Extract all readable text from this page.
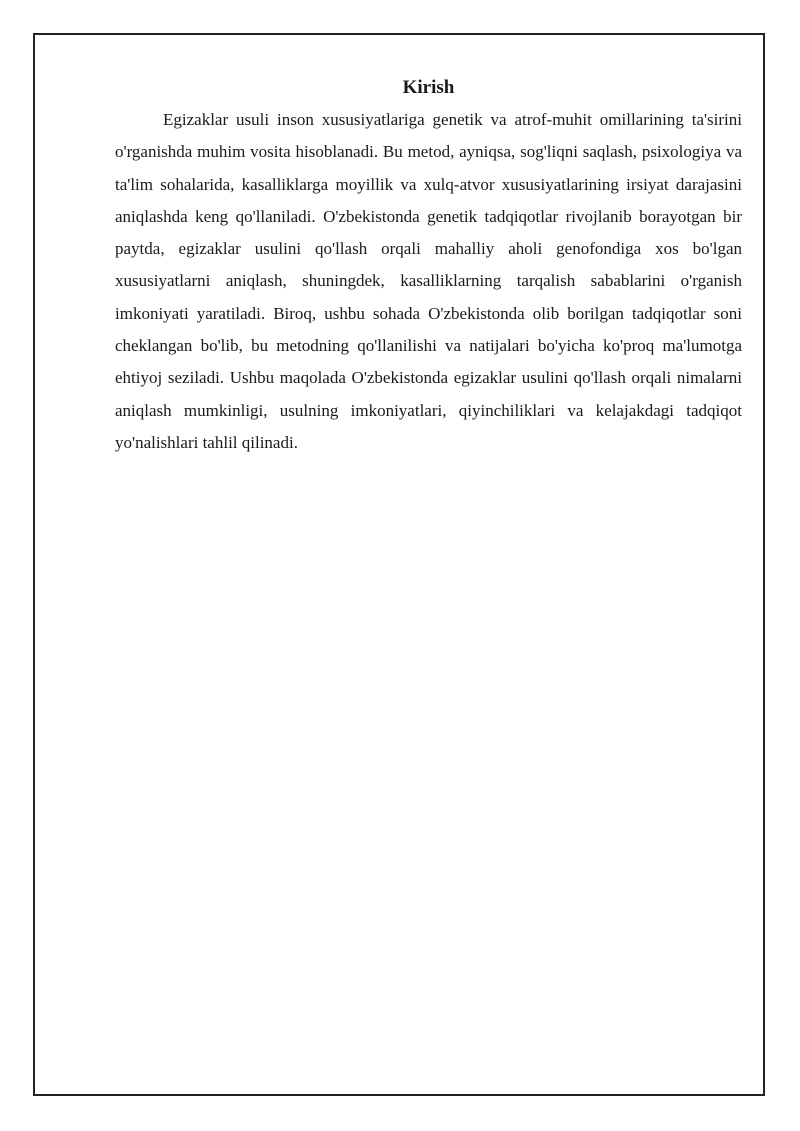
Kirish

Egizaklar usuli inson xususiyatlariga genetik va atrof-muhit omillarining ta'sirini o'rganishda muhim vosita hisoblanadi. Bu metod, ayniqsa, sog'liqni saqlash, psixologiya va ta'lim sohalarida, kasalliklarga moyillik va xulq-atvor xususiyatlarining irsiyat darajasini aniqlashda keng qo'llaniladi. O'zbekistonda genetik tadqiqotlar rivojlanib borayotgan bir paytda, egizaklar usulini qo'llash orqali mahalliy aholi genofondiga xos bo'lgan xususiyatlarni aniqlash, shuningdek, kasalliklarning tarqalish sabablarini o'rganish imkoniyati yaratiladi. Biroq, ushbu sohada O'zbekistonda olib borilgan tadqiqotlar soni cheklangan bo'lib, bu metodning qo'llanilishi va natijalari bo'yicha ko'proq ma'lumotga ehtiyoj seziladi. Ushbu maqolada O'zbekistonda egizaklar usulini qo'llash orqali nimalarni aniqlash mumkinligi, usulning imkoniyatlari, qiyinchiliklari va kelajakdagi tadqiqot yo'nalishlari tahlil qilinadi.
